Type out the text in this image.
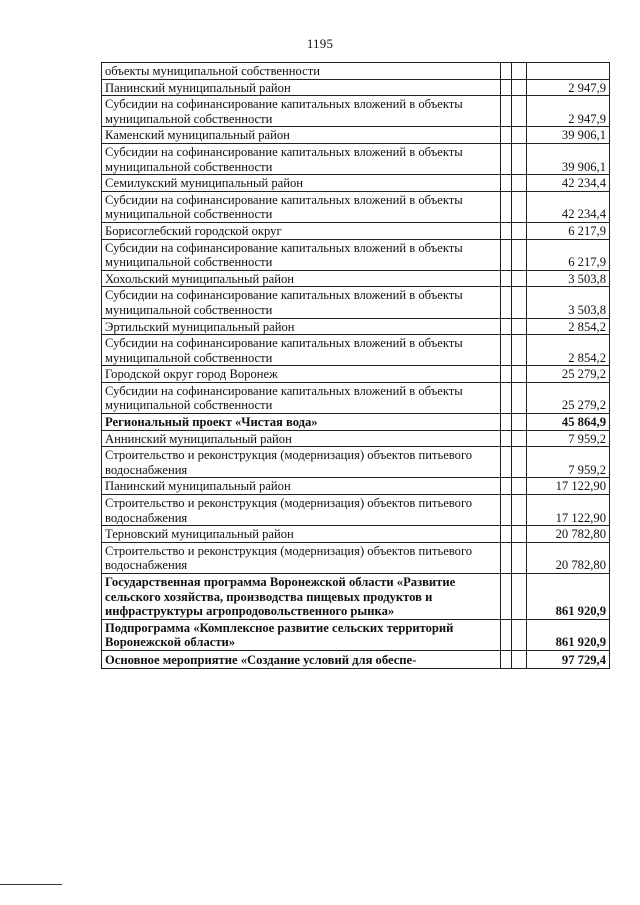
1195
объекты муниципальной собственности			
Панинский муниципальный район			2 947,9
Субсидии на софинансирование капитальных вложений в объекты муниципальной собственности			2 947,9
Каменский муниципальный район			39 906,1
Субсидии на софинансирование капитальных вложений в объекты муниципальной собственности			39 906,1
Семилукский муниципальный район			42 234,4
Субсидии на софинансирование капитальных вложений в объекты муниципальной собственности			42 234,4
Борисоглебский городской округ			6 217,9
Субсидии на софинансирование капитальных вложений в объекты муниципальной собственности			6 217,9
Хохольский муниципальный район			3 503,8
Субсидии на софинансирование капитальных вложений в объекты муниципальной собственности			3 503,8
Эртильский муниципальный район			2 854,2
Субсидии на софинансирование капитальных вложений в объекты муниципальной собственности			2 854,2
Городской округ город Воронеж			25 279,2
Субсидии на софинансирование капитальных вложений в объекты муниципальной собственности			25 279,2
Региональный проект «Чистая вода»			45 864,9
Аннинский муниципальный район			7 959,2
Строительство и реконструкция (модернизация) объектов питьевого водоснабжения			7 959,2
Панинский муниципальный район			17 122,90
Строительство и реконструкция (модернизация) объектов питьевого водоснабжения			17 122,90
Терновский муниципальный район			20 782,80
Строительство и реконструкция (модернизация) объектов питьевого водоснабжения			20 782,80
Государственная программа Воронежской области «Развитие сельского хозяйства, производства пищевых продуктов и инфраструктуры агропродовольственного рынка»			861 920,9
Подпрограмма «Комплексное развитие сельских территорий Воронежской области»			861 920,9
Основное мероприятие «Создание условий для обеспе-			97 729,4
